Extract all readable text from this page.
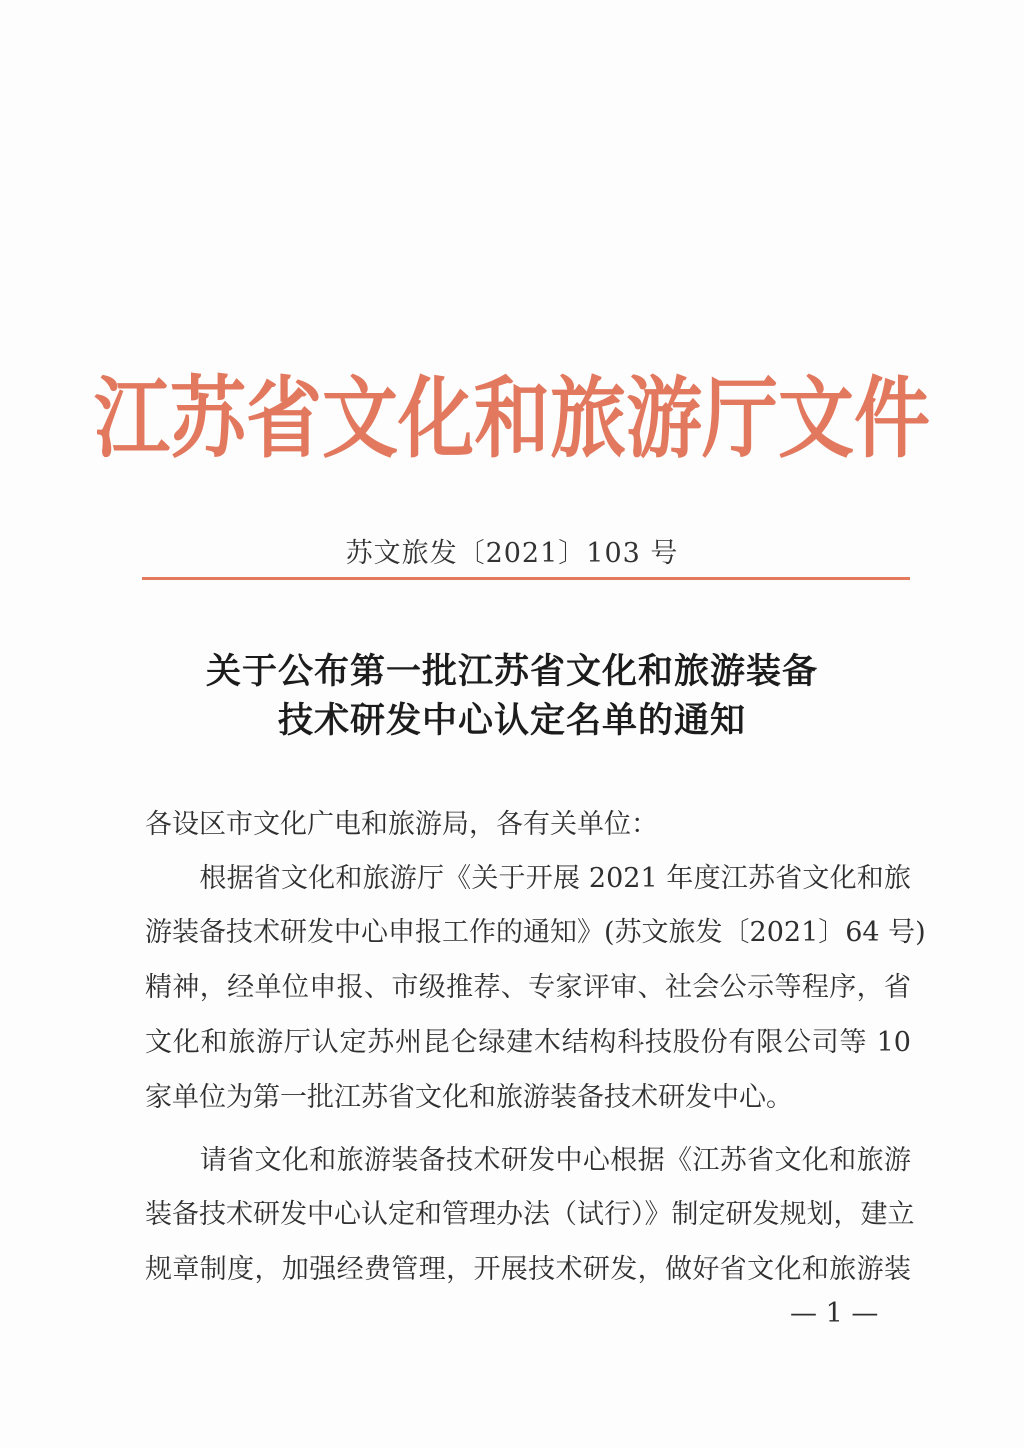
江苏省文化和旅游厅文件
苏文旅发〔2021〕103 号
关于公布第一批江苏省文化和旅游装备
技术研发中心认定名单的通知
各设区市文化广电和旅游局，各有关单位：
　　根据省文化和旅游厅《关于开展 2021 年度江苏省文化和旅
游装备技术研发中心申报工作的通知》(苏文旅发〔2021〕64 号)
精神，经单位申报、市级推荐、专家评审、社会公示等程序，省
文化和旅游厅认定苏州昆仑绿建木结构科技股份有限公司等 10
家单位为第一批江苏省文化和旅游装备技术研发中心。
　　请省文化和旅游装备技术研发中心根据《江苏省文化和旅游
装备技术研发中心认定和管理办法（试行）》制定研发规划，建立
规章制度，加强经费管理，开展技术研发，做好省文化和旅游装
— 1 —
